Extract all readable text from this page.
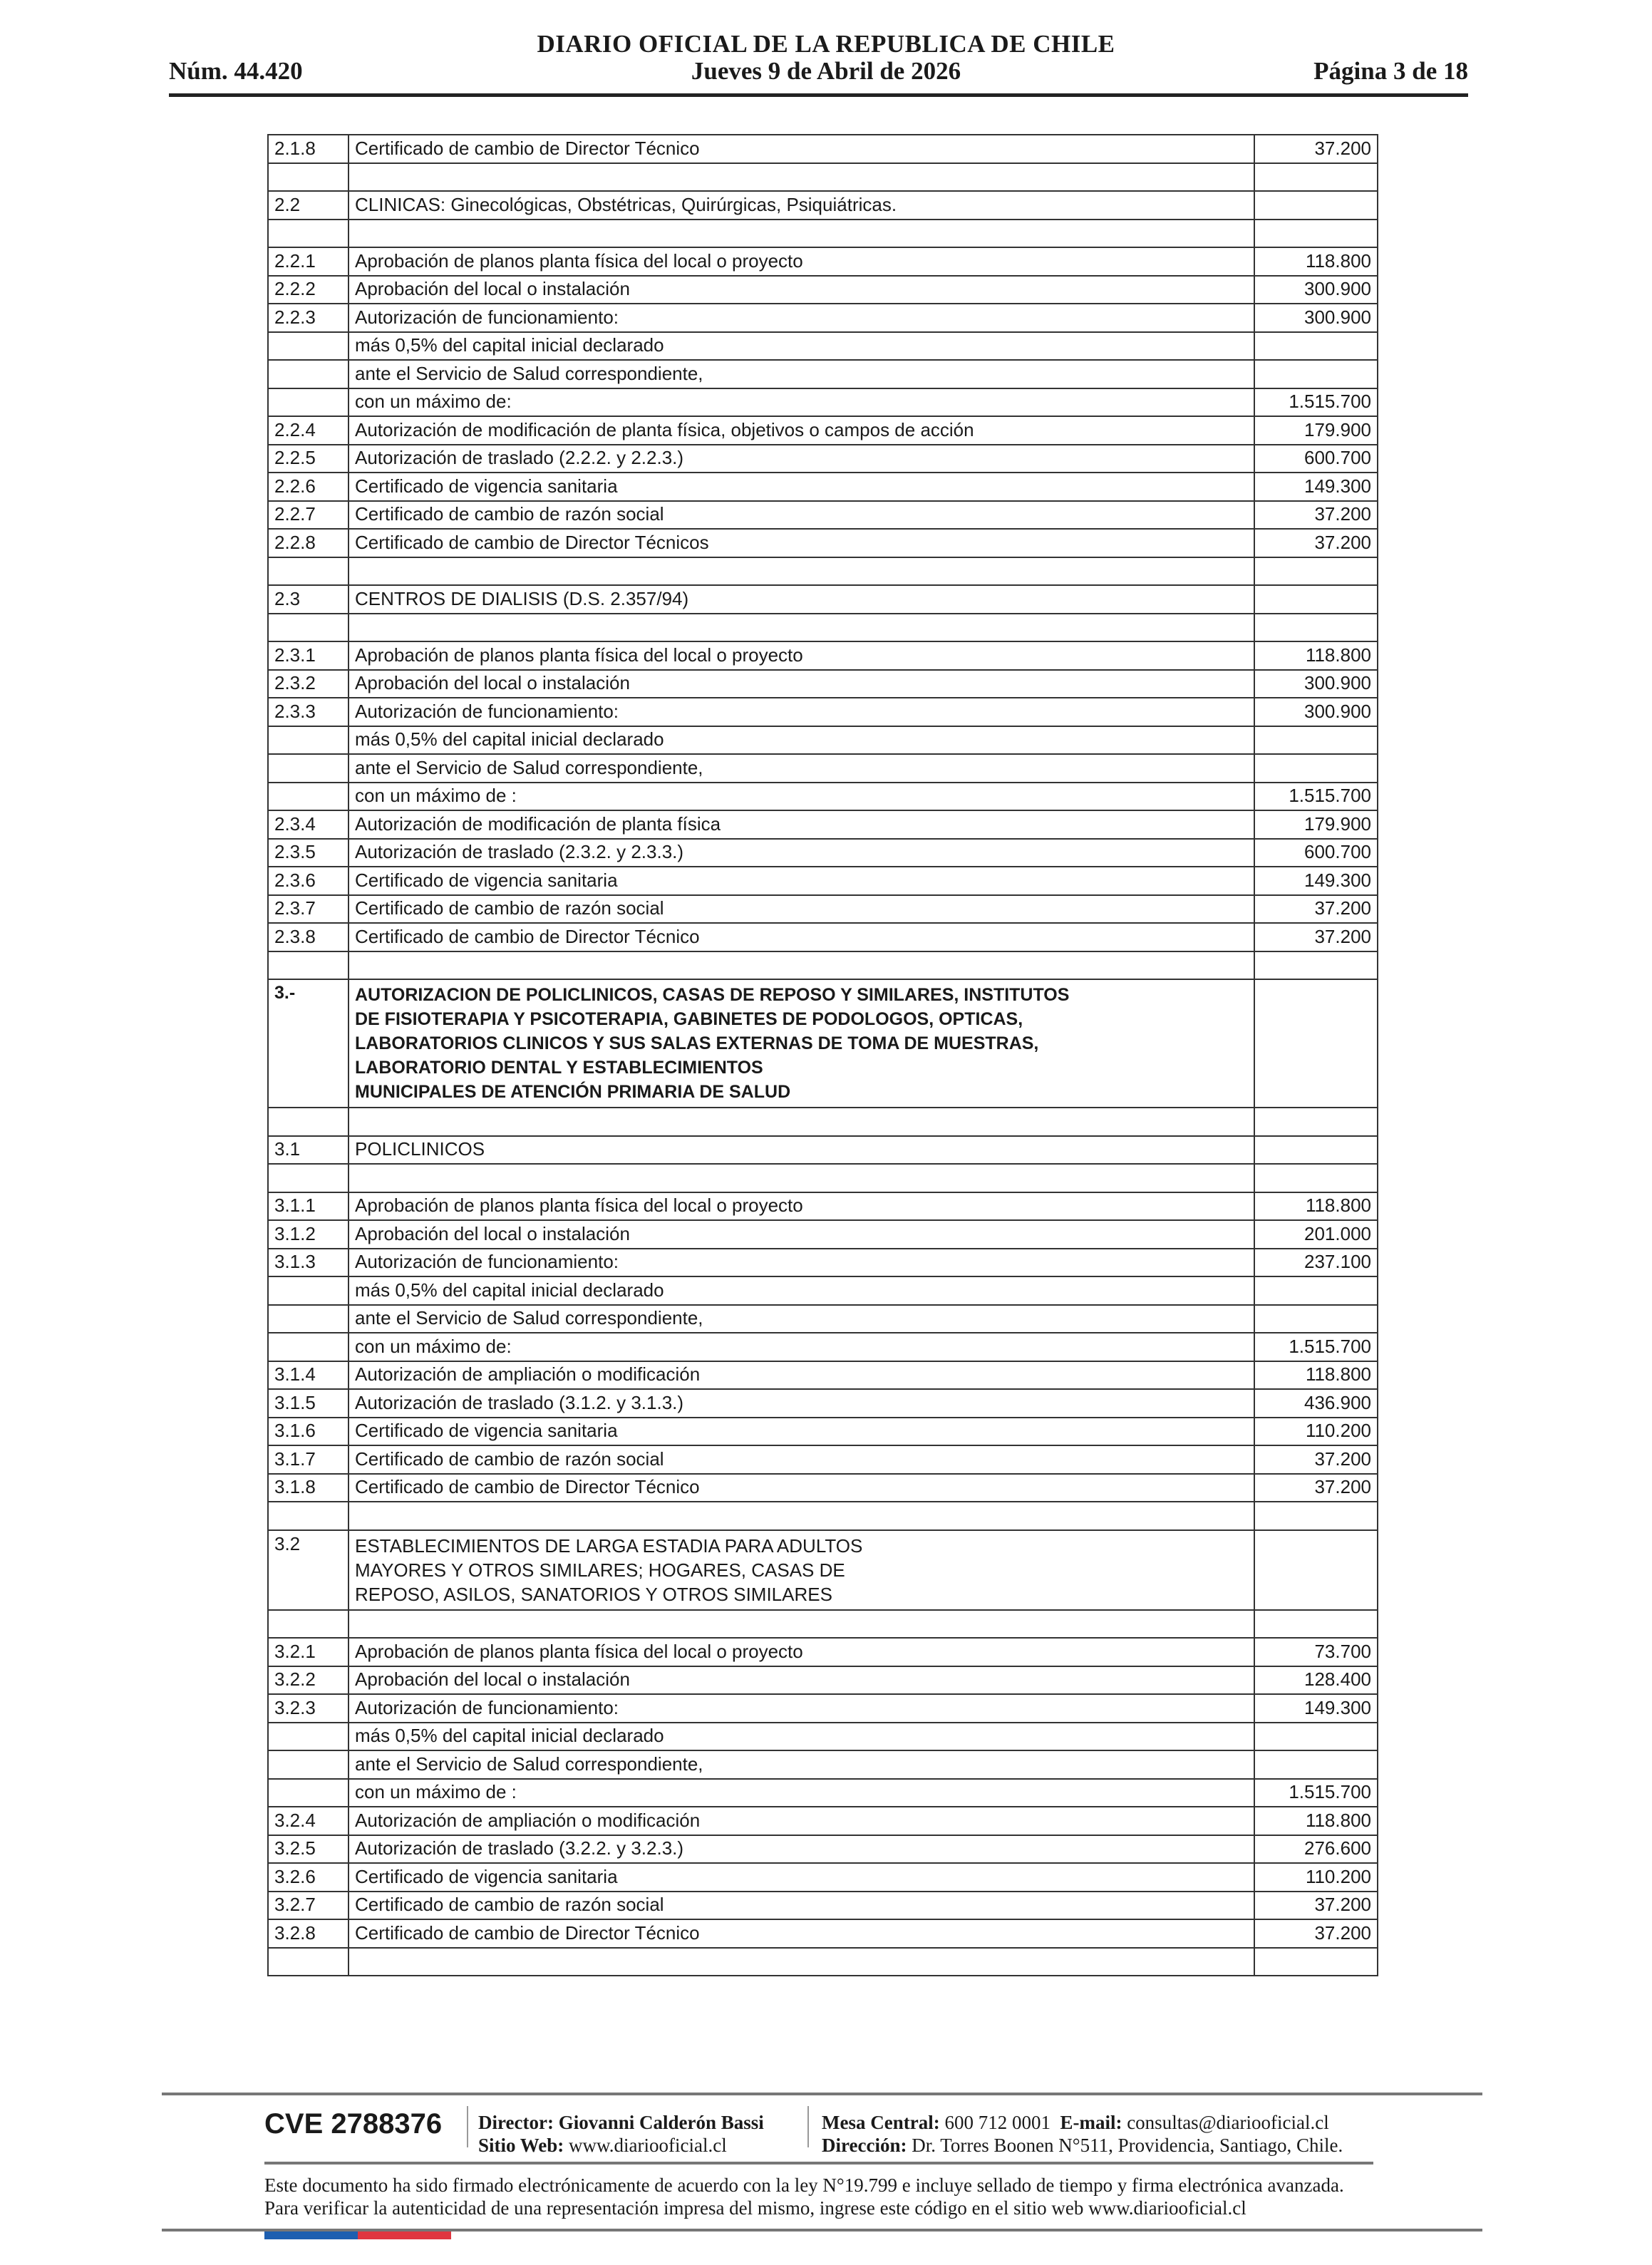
DIARIO OFICIAL DE LA REPUBLICA DE CHILE
Núm. 44.420	Jueves 9 de Abril de 2026	Página 3 de 18
2.1.8	Certificado de cambio de Director Técnico	37.200

2.2	CLINICAS: Ginecológicas, Obstétricas, Quirúrgicas, Psiquiátricas.	

2.2.1	Aprobación de planos planta física del local o proyecto	118.800
2.2.2	Aprobación del local o instalación	300.900
2.2.3	Autorización de funcionamiento:	300.900

	más 0,5% del capital inicial declarado	

	ante el Servicio de Salud correspondiente,	

	con un máximo de:	1.515.700
2.2.4	Autorización de modificación de planta física, objetivos o campos de acción	179.900
2.2.5	Autorización de traslado (2.2.2. y 2.2.3.)	600.700
2.2.6	Certificado de vigencia sanitaria	149.300
2.2.7	Certificado de cambio de razón social	37.200
2.2.8	Certificado de cambio de Director Técnicos	37.200

2.3	CENTROS DE DIALISIS (D.S. 2.357/94)	

2.3.1	Aprobación de planos planta física del local o proyecto	118.800
2.3.2	Aprobación del local o instalación	300.900
2.3.3	Autorización de funcionamiento:	300.900

	más 0,5% del capital inicial declarado	

	ante el Servicio de Salud correspondiente,	

	con un máximo de :	1.515.700
2.3.4	Autorización de modificación de planta física	179.900
2.3.5	Autorización de traslado (2.3.2. y 2.3.3.)	600.700
2.3.6	Certificado de vigencia sanitaria	149.300
2.3.7	Certificado de cambio de razón social	37.200
2.3.8	Certificado de cambio de Director Técnico	37.200

3.-	AUTORIZACION DE POLICLINICOS, CASAS DE REPOSO Y SIMILARES, INSTITUTOS
DE FISIOTERAPIA Y PSICOTERAPIA, GABINETES DE PODOLOGOS, OPTICAS,
LABORATORIOS CLINICOS Y SUS SALAS EXTERNAS DE TOMA DE MUESTRAS,
LABORATORIO DENTAL Y ESTABLECIMIENTOS
MUNICIPALES DE ATENCIÓN PRIMARIA DE SALUD	

3.1	POLICLINICOS	

3.1.1	Aprobación de planos planta física del local o proyecto	118.800
3.1.2	Aprobación del local o instalación	201.000
3.1.3	Autorización de funcionamiento:	237.100

	más 0,5% del capital inicial declarado	

	ante el Servicio de Salud correspondiente,	

	con un máximo de:	1.515.700
3.1.4	Autorización de ampliación o modificación	118.800
3.1.5	Autorización de traslado (3.1.2. y 3.1.3.)	436.900
3.1.6	Certificado de vigencia sanitaria	110.200
3.1.7	Certificado de cambio de razón social	37.200
3.1.8	Certificado de cambio de Director Técnico	37.200

3.2	ESTABLECIMIENTOS DE LARGA ESTADIA PARA ADULTOS
MAYORES Y OTROS SIMILARES; HOGARES, CASAS DE
REPOSO, ASILOS, SANATORIOS Y OTROS SIMILARES	

3.2.1	Aprobación de planos planta física del local o proyecto	73.700
3.2.2	Aprobación del local o instalación	128.400
3.2.3	Autorización de funcionamiento:	149.300

	más 0,5% del capital inicial declarado	

	ante el Servicio de Salud correspondiente,	

	con un máximo de :	1.515.700
3.2.4	Autorización de ampliación o modificación	118.800
3.2.5	Autorización de traslado (3.2.2. y 3.2.3.)	276.600
3.2.6	Certificado de vigencia sanitaria	110.200
3.2.7	Certificado de cambio de razón social	37.200
3.2.8	Certificado de cambio de Director Técnico	37.200

CVE 2788376 Director: Giovanni Calderón Bassi
Sitio Web: www.diariooficial.cl
Mesa Central: 600 712 0001 E-mail: consultas@diariooficial.cl
Dirección: Dr. Torres Boonen N°511, Providencia, Santiago, Chile.
Este documento ha sido firmado electrónicamente de acuerdo con la ley N°19.799 e incluye sellado de tiempo y firma electrónica avanzada. Para verificar la autenticidad de una representación impresa del mismo, ingrese este código en el sitio web www.diariooficial.cl
